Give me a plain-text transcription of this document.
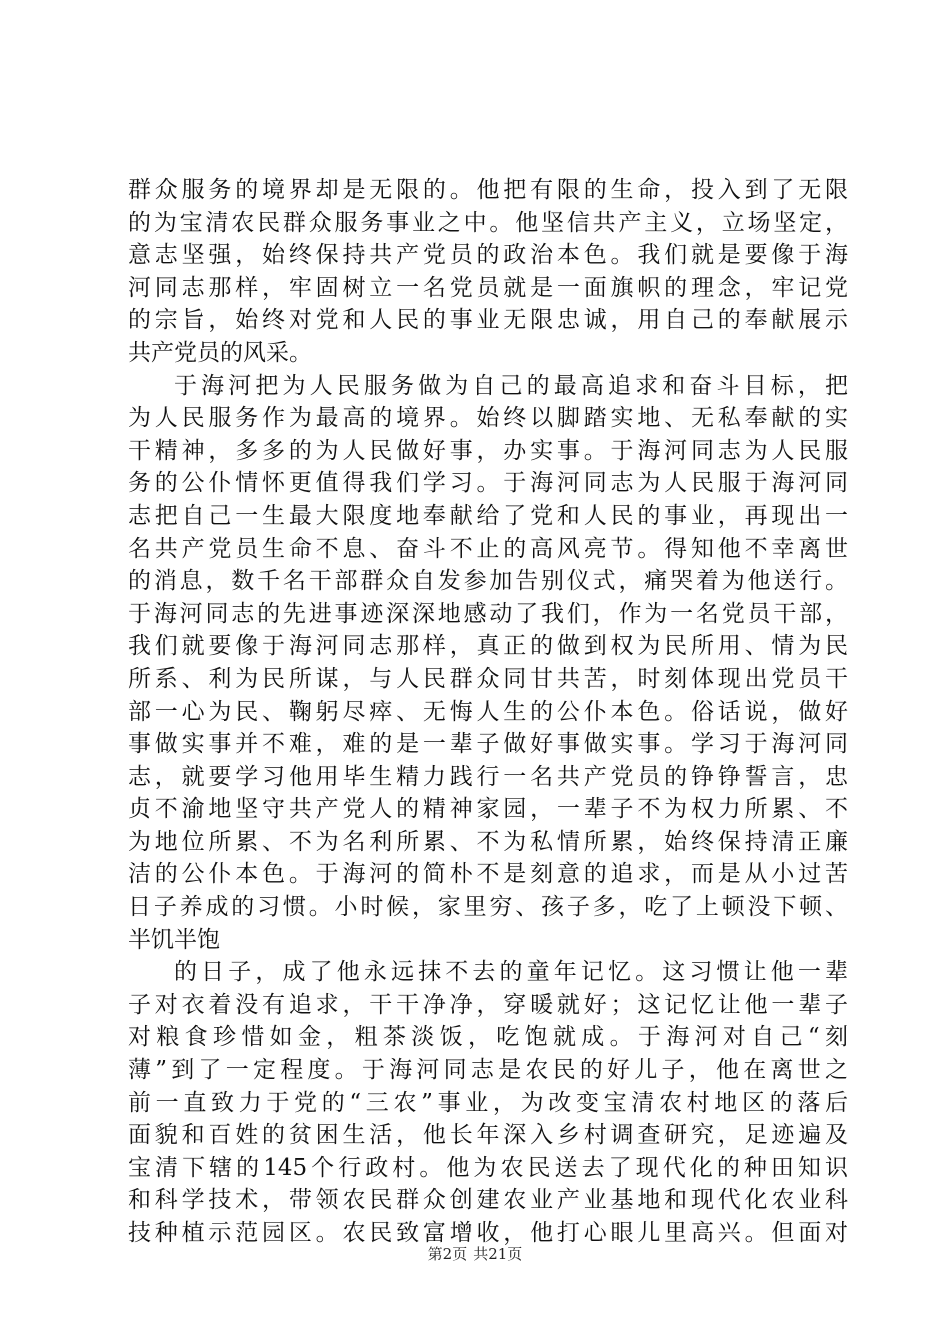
群众服务的境界却是无限的。他把有限的生命，投入到了无限
的为宝清农民群众服务事业之中。他坚信共产主义，立场坚定，
意志坚强，始终保持共产党员的政治本色。我们就是要像于海
河同志那样，牢固树立一名党员就是一面旗帜的理念，牢记党
的宗旨，始终对党和人民的事业无限忠诚，用自己的奉献展示
共产党员的风采。
于海河把为人民服务做为自己的最高追求和奋斗目标，把
为人民服务作为最高的境界。始终以脚踏实地、无私奉献的实
干精神，多多的为人民做好事，办实事。于海河同志为人民服
务的公仆情怀更值得我们学习。于海河同志为人民服于海河同
志把自己一生最大限度地奉献给了党和人民的事业，再现出一
名共产党员生命不息、奋斗不止的高风亮节。得知他不幸离世
的消息，数千名干部群众自发参加告别仪式，痛哭着为他送行。
于海河同志的先进事迹深深地感动了我们，作为一名党员干部，
我们就要像于海河同志那样，真正的做到权为民所用、情为民
所系、利为民所谋，与人民群众同甘共苦，时刻体现出党员干
部一心为民、鞠躬尽瘁、无悔人生的公仆本色。俗话说，做好
事做实事并不难，难的是一辈子做好事做实事。学习于海河同
志，就要学习他用毕生精力践行一名共产党员的铮铮誓言，忠
贞不渝地坚守共产党人的精神家园，一辈子不为权力所累、不
为地位所累、不为名利所累、不为私情所累，始终保持清正廉
洁的公仆本色。于海河的简朴不是刻意的追求，而是从小过苦
日子养成的习惯。小时候，家里穷、孩子多，吃了上顿没下顿、
半饥半饱
的日子，成了他永远抹不去的童年记忆。这习惯让他一辈
子对衣着没有追求，干干净净，穿暖就好；这记忆让他一辈子
对粮食珍惜如金，粗茶淡饭，吃饱就成。于海河对自己“刻
薄”到了一定程度。于海河同志是农民的好儿子，他在离世之
前一直致力于党的“三农”事业，为改变宝清农村地区的落后
面貌和百姓的贫困生活，他长年深入乡村调查研究，足迹遍及
宝清下辖的145个行政村。他为农民送去了现代化的种田知识
和科学技术，带领农民群众创建农业产业基地和现代化农业科
技种植示范园区。农民致富增收，他打心眼儿里高兴。但面对
第2页 共21页
